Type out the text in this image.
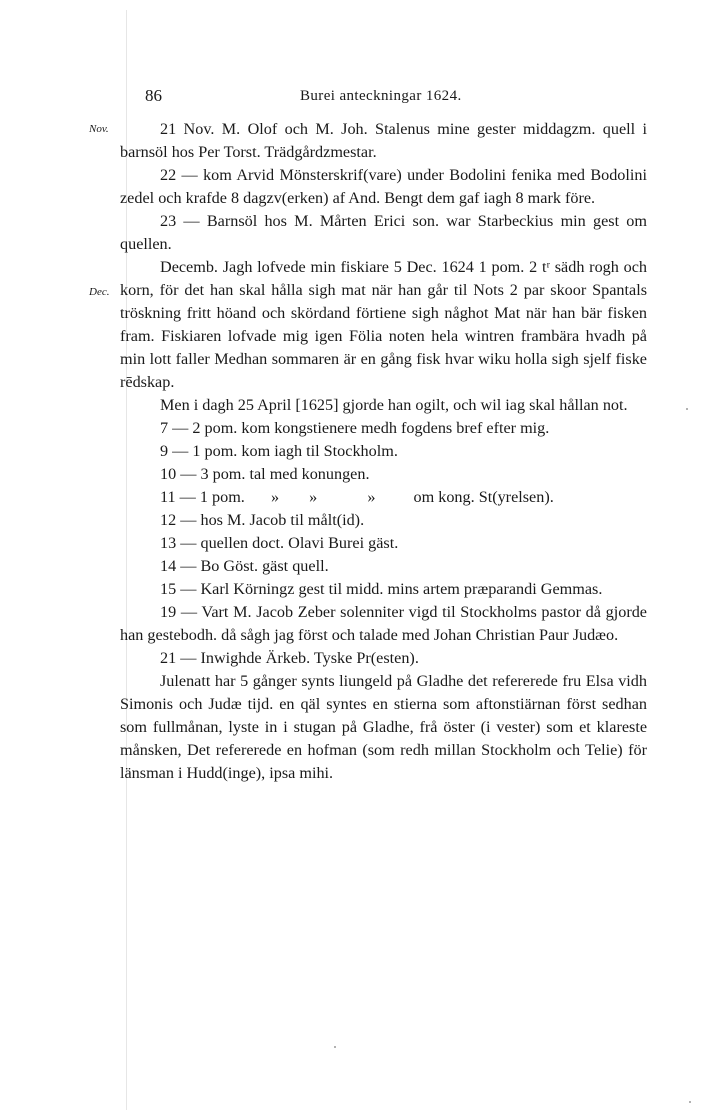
86	Burei anteckningar 1624.
Nov.
Dec.

21 Nov. M. Olof och M. Joh. Stalenus mine gester middagzm. quell i barnsöl hos Per Torst. Trädgårdzmestar.

22 — kom Arvid Mönsterskrif(vare) under Bodolini fenika med Bodolini zedel och krafde 8 dagzv(erken) af And. Bengt dem gaf iagh 8 mark före.

23 — Barnsöl hos M. Mårten Erici son. war Starbeckius min gest om quellen.

Decemb. Jagh lofvede min fiskiare 5 Dec. 1624 1 pom. 2 tʳ sädh rogh och korn, för det han skal hålla sigh mat när han går til Nots 2 par skoor Spantals tröskning fritt höand och skördand förtiene sigh någhot Mat när han bär fisken fram. Fiskiaren lofvade mig igen Fölia noten hela wintren frambära hvadh på min lott faller Medhan sommaren är en gång fisk hvar wiku holla sigh sjelf fiske rēdskap.

Men i dagh 25 April [1625] gjorde han ogilt, och wil iag skal hållan not.

7 — 2 pom. kom kongstienere medh fogdens bref efter mig.
9 — 1 pom. kom iagh til Stockholm.
10 — 3 pom. tal med konungen.
11 — 1 pom. » »	» om kong. St(yrelsen).
12 — hos M. Jacob til målt(id).
13 — quellen doct. Olavi Burei gäst.
14 — Bo Göst. gäst quell.

15 — Karl Körningz gest til midd. mins artem præparandi Gemmas.

19 — Vart M. Jacob Zeber solenniter vigd til Stockholms pastor då gjorde han gestebodh. då sågh jag först och talade med Johan Christian Paur Judæo.

21 — Inwighde Ärkeb. Tyske Pr(esten).

Julenatt har 5 gånger synts liungeld på Gladhe det refererede fru Elsa vidh Simonis och Judæ tijd. en qäl syntes en stierna som aftonstiärnan först sedhan som fullmånan, lyste in i stugan på Gladhe, frå öster (i vester) som et klareste månsken, Det refererede en hofman (som redh millan Stockholm och Telie) för länsman i Hudd(inge), ipsa mihi.
